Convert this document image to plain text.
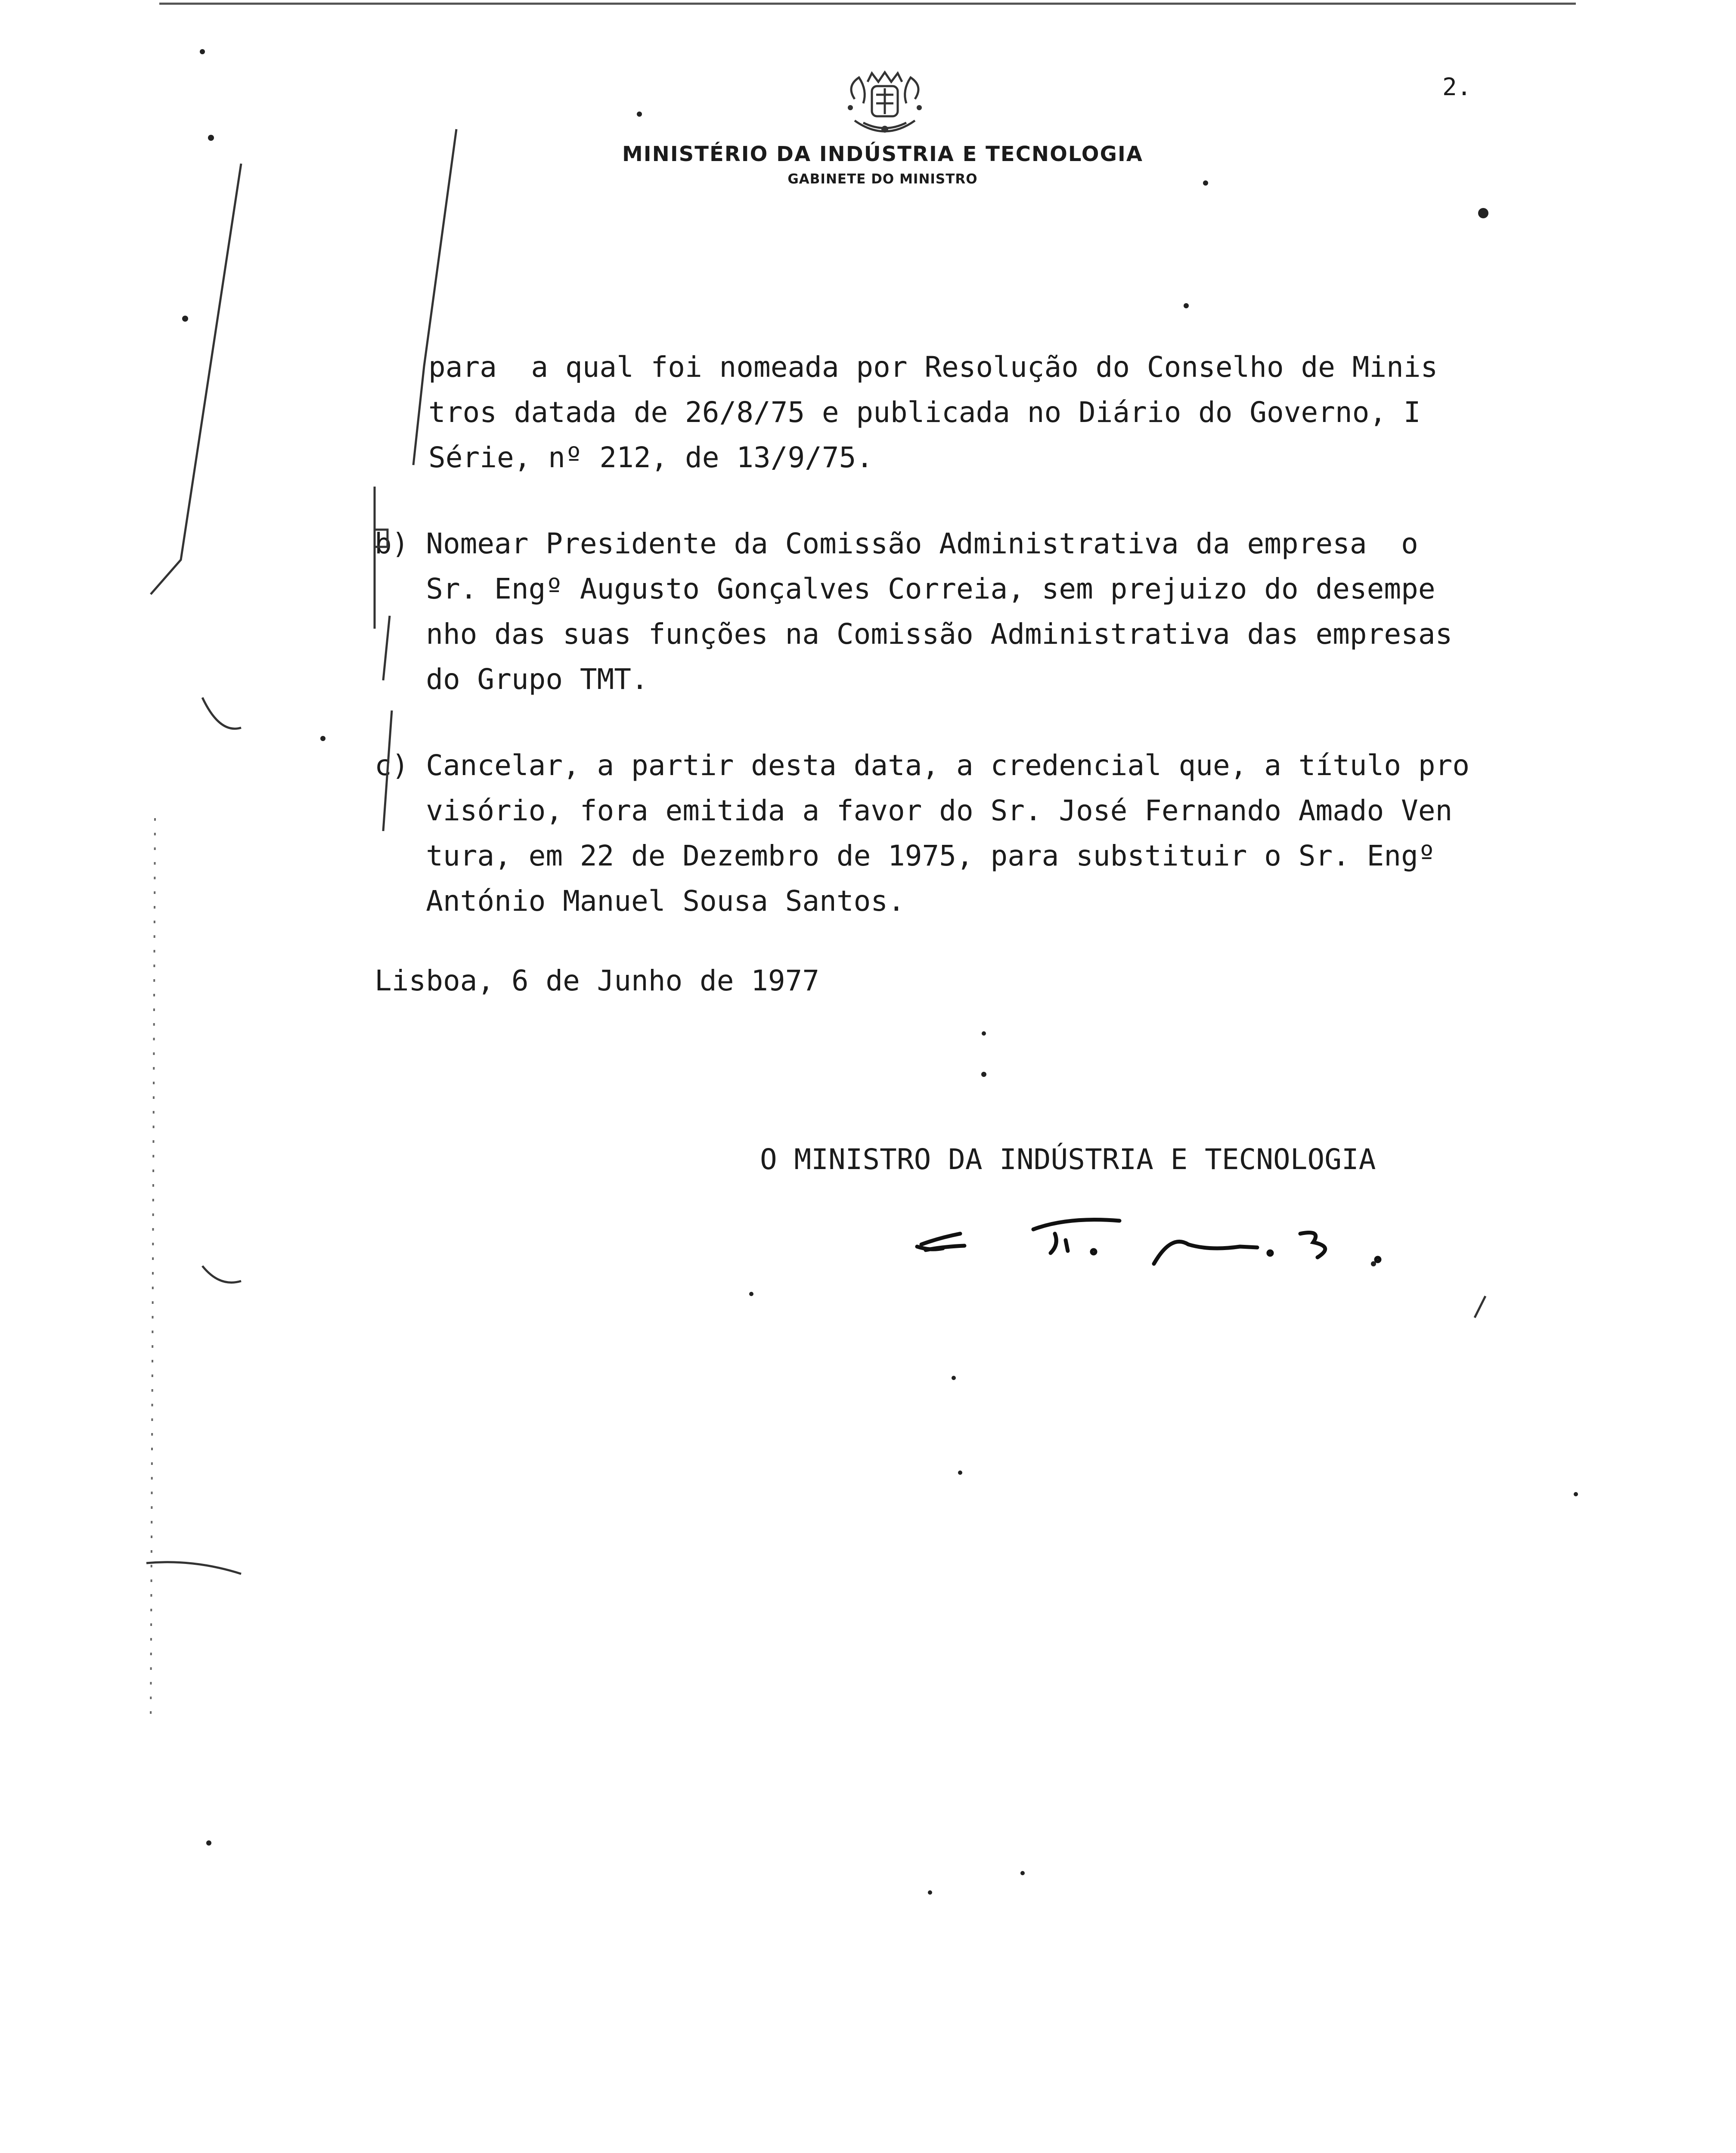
2.
MINISTÉRIO DA INDÚSTRIA E TECNOLOGIA
GABINETE DO MINISTRO
para  a qual foi nomeada por Resolução do Conselho de Minis
tros datada de 26/8/75 e publicada no Diário do Governo, I
Série, nº 212, de 13/9/75.
b) Nomear Presidente da Comissão Administrativa da empresa  o
Sr. Engº Augusto Gonçalves Correia, sem prejuizo do desempe
nho das suas funções na Comissão Administrativa das empresas
do Grupo TMT.
c) Cancelar, a partir desta data, a credencial que, a título pro
visório, fora emitida a favor do Sr. José Fernando Amado Ven
tura, em 22 de Dezembro de 1975, para substituir o Sr. Engº
António Manuel Sousa Santos.
Lisboa, 6 de Junho de 1977
O MINISTRO DA INDÚSTRIA E TECNOLOGIA
